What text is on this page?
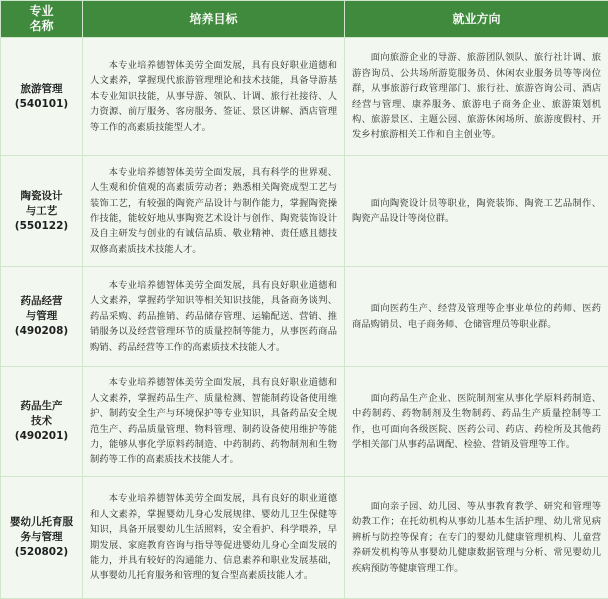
专业
名称	培养目标	就业方向

旅游管理
(540101)	本专业培养德智体美劳全面发展，具有良好职业道德和人文素养，掌握现代旅游管理理论和技术技能，具备导游基本专业知识技能，从事导游、领队、计调、旅行社接待、人力资源、前厅服务、客房服务、签证、景区讲解、酒店管理等工作的高素质技能型人才。	面向旅游企业的导游、旅游团队领队、旅行社计调、旅游咨询员、公共场所游览服务员、休闲农业服务员等等岗位群，从事旅游行政管理部门、旅行社、旅游咨询公司、酒店经营与管理、康养服务、旅游电子商务企业、旅游策划机构、旅游景区、主题公园、旅游休闲场所、旅游度假村、开发乡村旅游相关工作和自主创业等。

陶瓷设计
与工艺
(550122)	本专业培养德智体美劳全面发展，具有科学的世界观、人生观和价值观的高素质劳动者；熟悉相关陶瓷成型工艺与装饰工艺，有较强的陶瓷产品设计与制作能力，掌握陶瓷操作技能，能较好地从事陶瓷艺术设计与创作、陶瓷装饰设计及自主研发与创业的有诚信品质、敬业精神、责任感且德技双修高素质技术技能人才。	面向陶瓷设计员等职业，陶瓷装饰、陶瓷工艺品制作、陶瓷产品设计等岗位群。

药品经营
与管理
(490208)	本专业培养德智体美劳全面发展，具有良好职业道德和人文素养，掌握药学知识等相关知识技能，具备商务谈判、药品采购、药品推销、药品储存管理、运输配送、营销、推销服务以及经营管理环节的质量控制等能力，从事医药商品购销、药品经营等工作的高素质技术技能人才。	面向医药生产、经营及管理等企事业单位的药师、医药商品购销员、电子商务师、仓储管理员等职业群。

药品生产
技术
(490201)	本专业培养德智体美劳全面发展，具有良好职业道德和人文素养，掌握药品生产、质量检测、智能制药设备使用维护、制药安全生产与环境保护等专业知识，具备药品安全规范生产、药品质量管理、物料管理、制药设备使用维护等能力，能够从事化学原料药制造、中药制药、药物制剂和生物制药等工作的高素质技术技能人才。	面向药品生产企业、医院制剂室从事化学原料药制造、中药制药、药物制剂及生物制药、药品生产质量控制等工作，也可面向各级医院、医药公司、药店、药检所及其他药学相关部门从事药品调配、检验、营销及管理等工作。

婴幼儿托育服
务与管理
(520802)	本专业培养德智体美劳全面发展，具有良好的职业道德和人文素养，掌握婴幼儿身心发展规律、婴幼儿卫生保健等知识，具备开展婴幼儿生活照料，安全看护、科学喂养，早期发展、家庭教育咨询与指导等促进婴幼儿身心全面发展的能力，并具有较好的沟通能力、信息素养和职业发展基础，从事婴幼儿托育服务和管理的复合型高素质技能人才。	面向亲子园、幼儿园、等从事教育教学、研究和管理等幼教工作；在托幼机构从事幼儿基本生活护理、幼儿常见病辨析与防控等保育；在专门的婴幼儿健康管理机构、儿童营养研发机构等从事婴幼儿健康数据管理与分析、常见婴幼儿疾病预防等健康管理工作。
